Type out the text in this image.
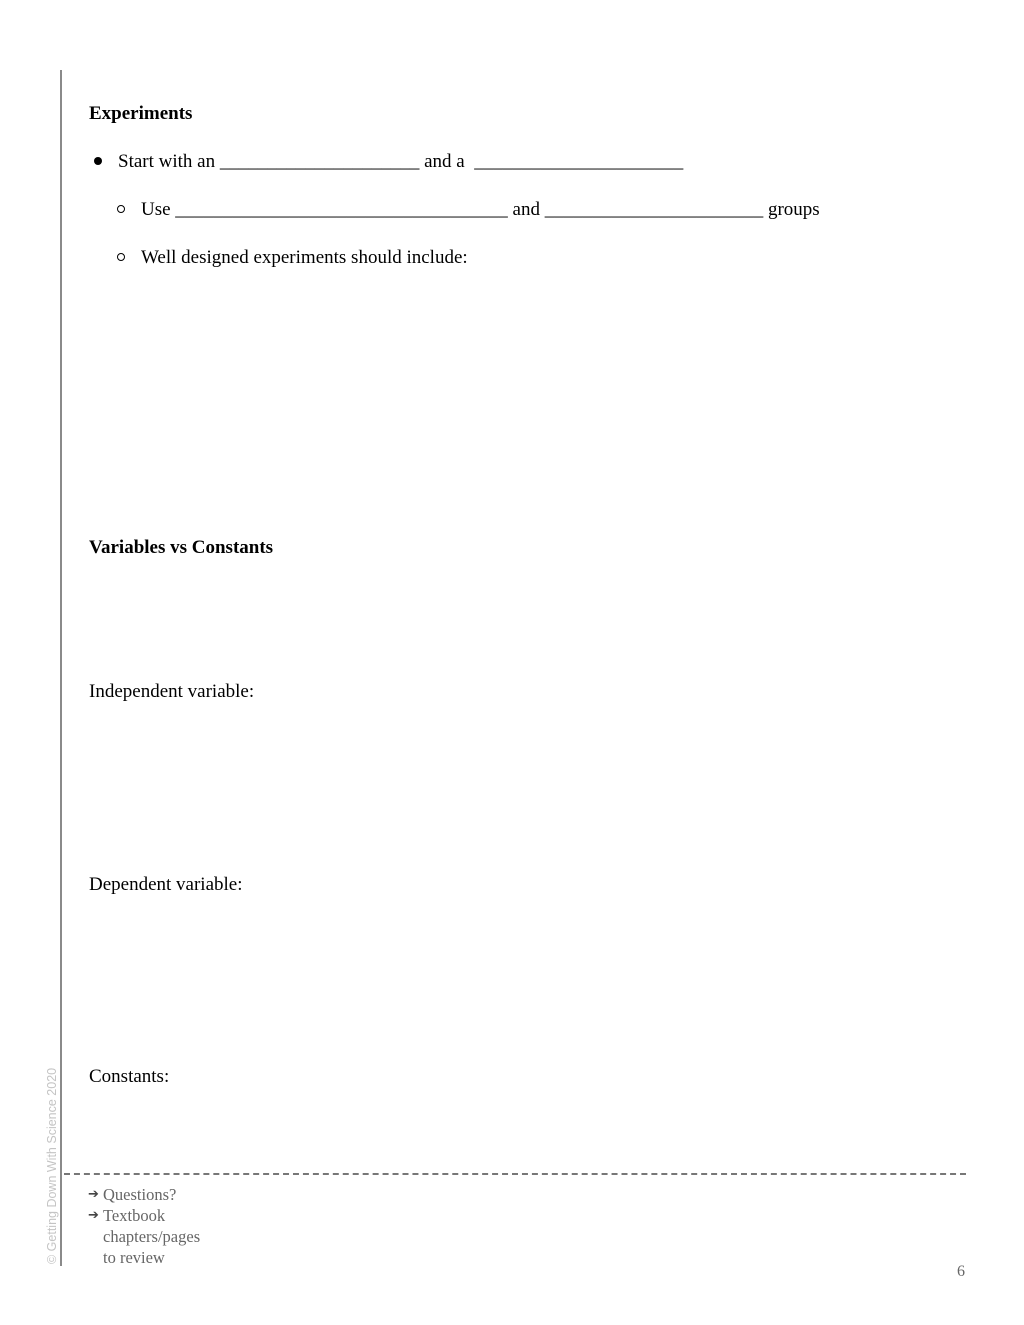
© Getting Down With Science 2020
Experiments
Start with an _____________________ and a  ______________________
Use ___________________________________ and _______________________ groups
Well designed experiments should include:
Variables vs Constants
Independent variable:
Dependent variable:
Constants:
➔ Questions?
➔ Textbook
chapters/pages
to review
6
